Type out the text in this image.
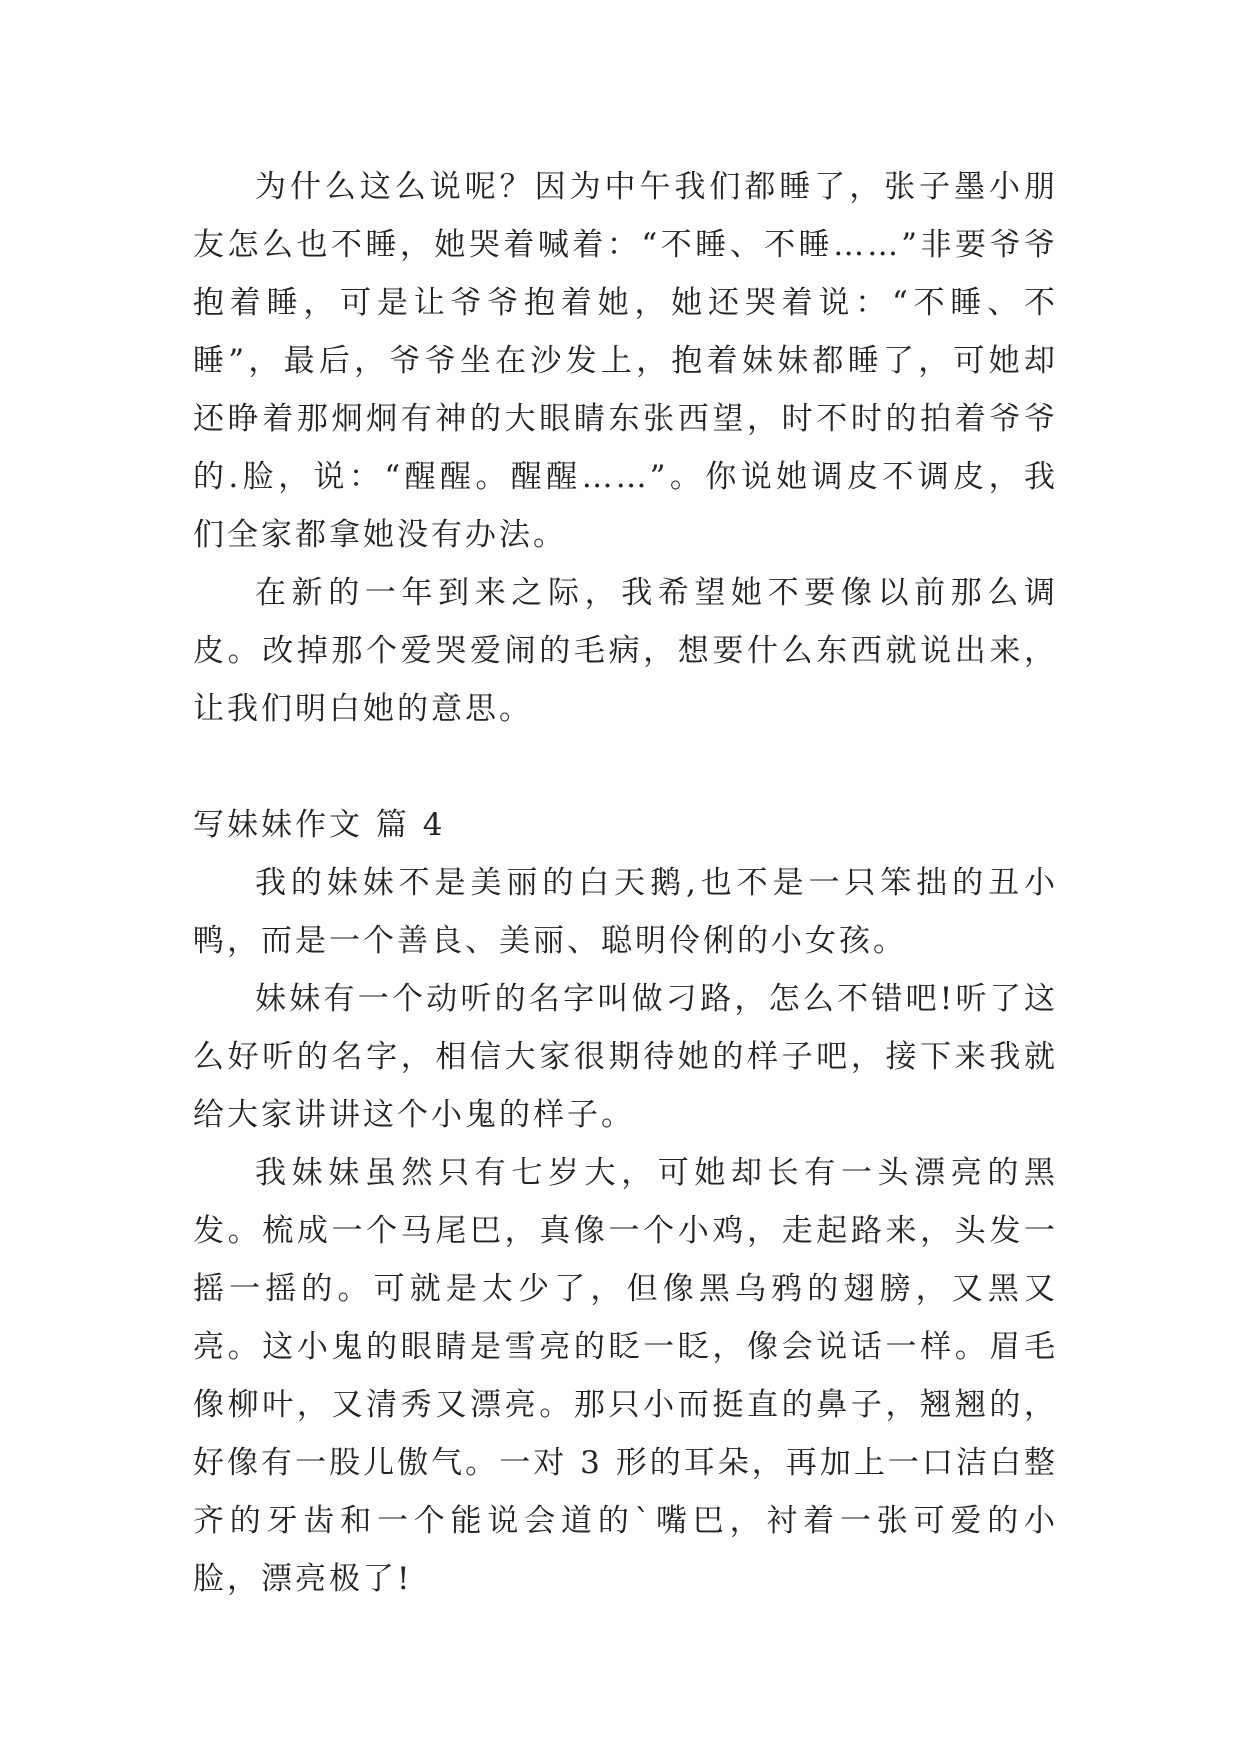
为什么这么说呢？因为中午我们都睡了，张子墨小朋友怎么也不睡，她哭着喊着：“不睡、不睡……”非要爷爷抱着睡，可是让爷爷抱着她，她还哭着说：“不睡、不睡”，最后，爷爷坐在沙发上，抱着妹妹都睡了，可她却还睁着那炯炯有神的大眼睛东张西望，时不时的拍着爷爷的.脸，说：“醒醒。醒醒……”。你说她调皮不调皮，我们全家都拿她没有办法。

在新的一年到来之际，我希望她不要像以前那么调皮。改掉那个爱哭爱闹的毛病，想要什么东西就说出来，让我们明白她的意思。

写妹妹作文 篇 4

我的妹妹不是美丽的白天鹅,也不是一只笨拙的丑小鸭，而是一个善良、美丽、聪明伶俐的小女孩。

妹妹有一个动听的名字叫做刁路，怎么不错吧!听了这么好听的名字，相信大家很期待她的样子吧，接下来我就给大家讲讲这个小鬼的样子。

我妹妹虽然只有七岁大，可她却长有一头漂亮的黑发。梳成一个马尾巴，真像一个小鸡，走起路来，头发一摇一摇的。可就是太少了，但像黑乌鸦的翅膀，又黑又亮。这小鬼的眼睛是雪亮的眨一眨，像会说话一样。眉毛像柳叶，又清秀又漂亮。那只小而挺直的鼻子，翘翘的，好像有一股儿傲气。一对 3 形的耳朵，再加上一口洁白整齐的牙齿和一个能说会道的`嘴巴，衬着一张可爱的小脸，漂亮极了!
